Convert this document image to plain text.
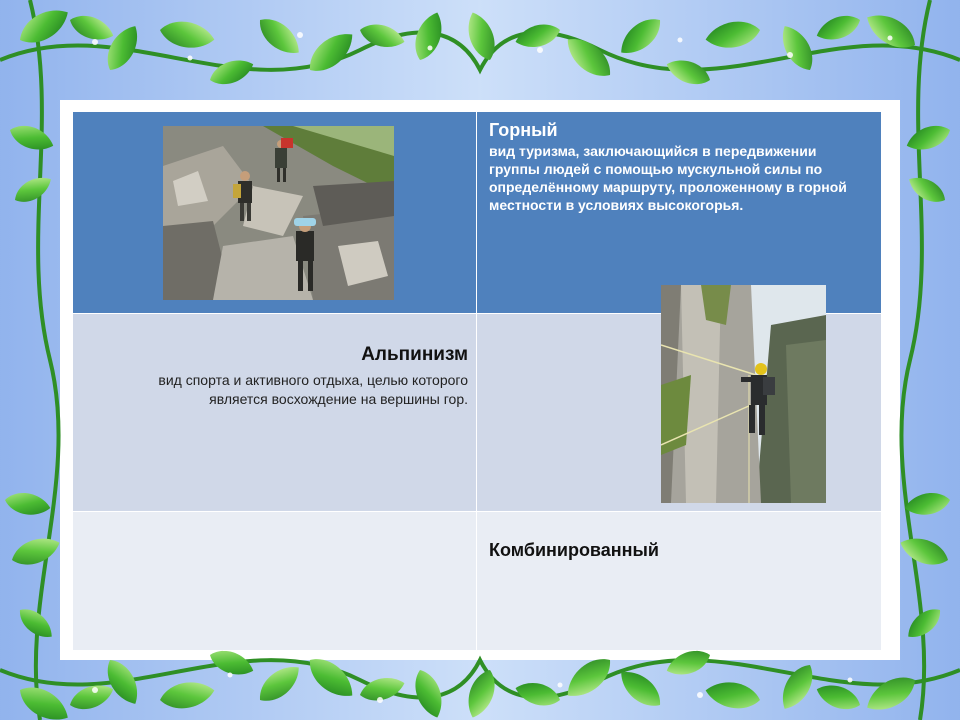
	Горный
вид туризма, заключающийся в передвижении группы людей с помощью мускульной силы по определённому маршруту, проложенному в горной местности в условиях высокогорья.

Альпинизм
вид спорта и активного отдыха, целью которого является восхождение на вершины гор.	

	Комбинированный
